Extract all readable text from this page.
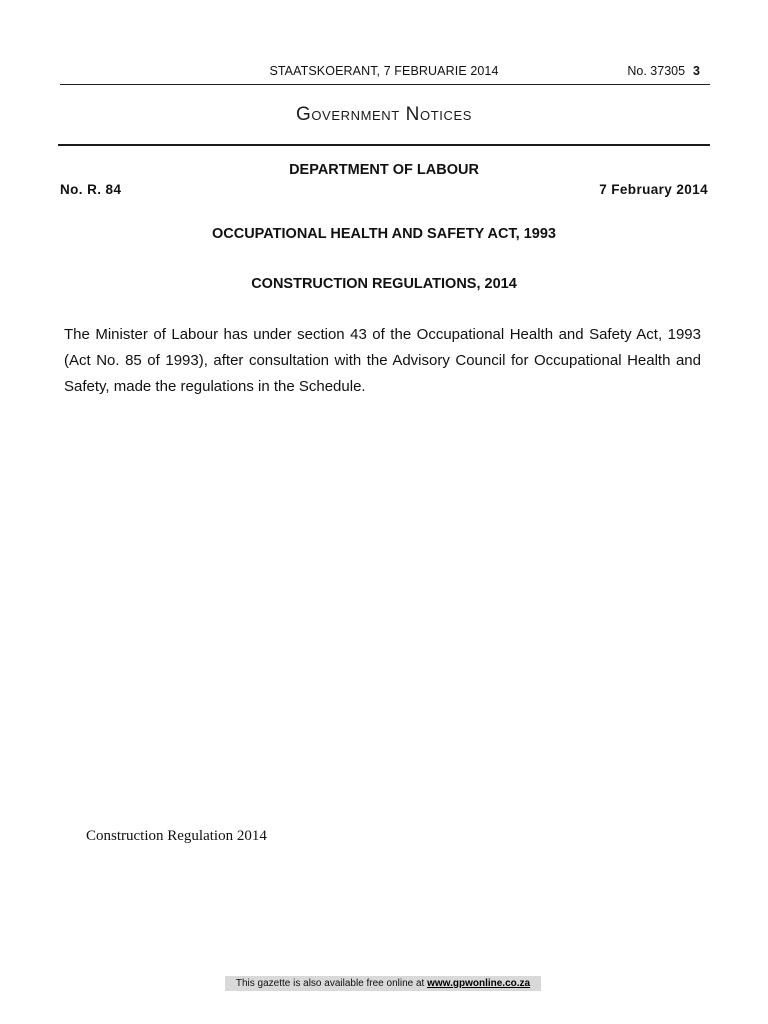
STAATSKOERANT, 7 FEBRUARIE 2014	No. 37305 3
Government Notices
DEPARTMENT OF LABOUR
No. R. 84	7 February 2014
OCCUPATIONAL HEALTH AND SAFETY ACT, 1993
CONSTRUCTION REGULATIONS, 2014

The Minister of Labour has under section 43 of the Occupational Health and Safety Act, 1993 (Act No. 85 of 1993), after consultation with the Advisory Council for Occupational Health and Safety, made the regulations in the Schedule.

Construction Regulation 2014
This gazette is also available free online at www.gpwonline.co.za
